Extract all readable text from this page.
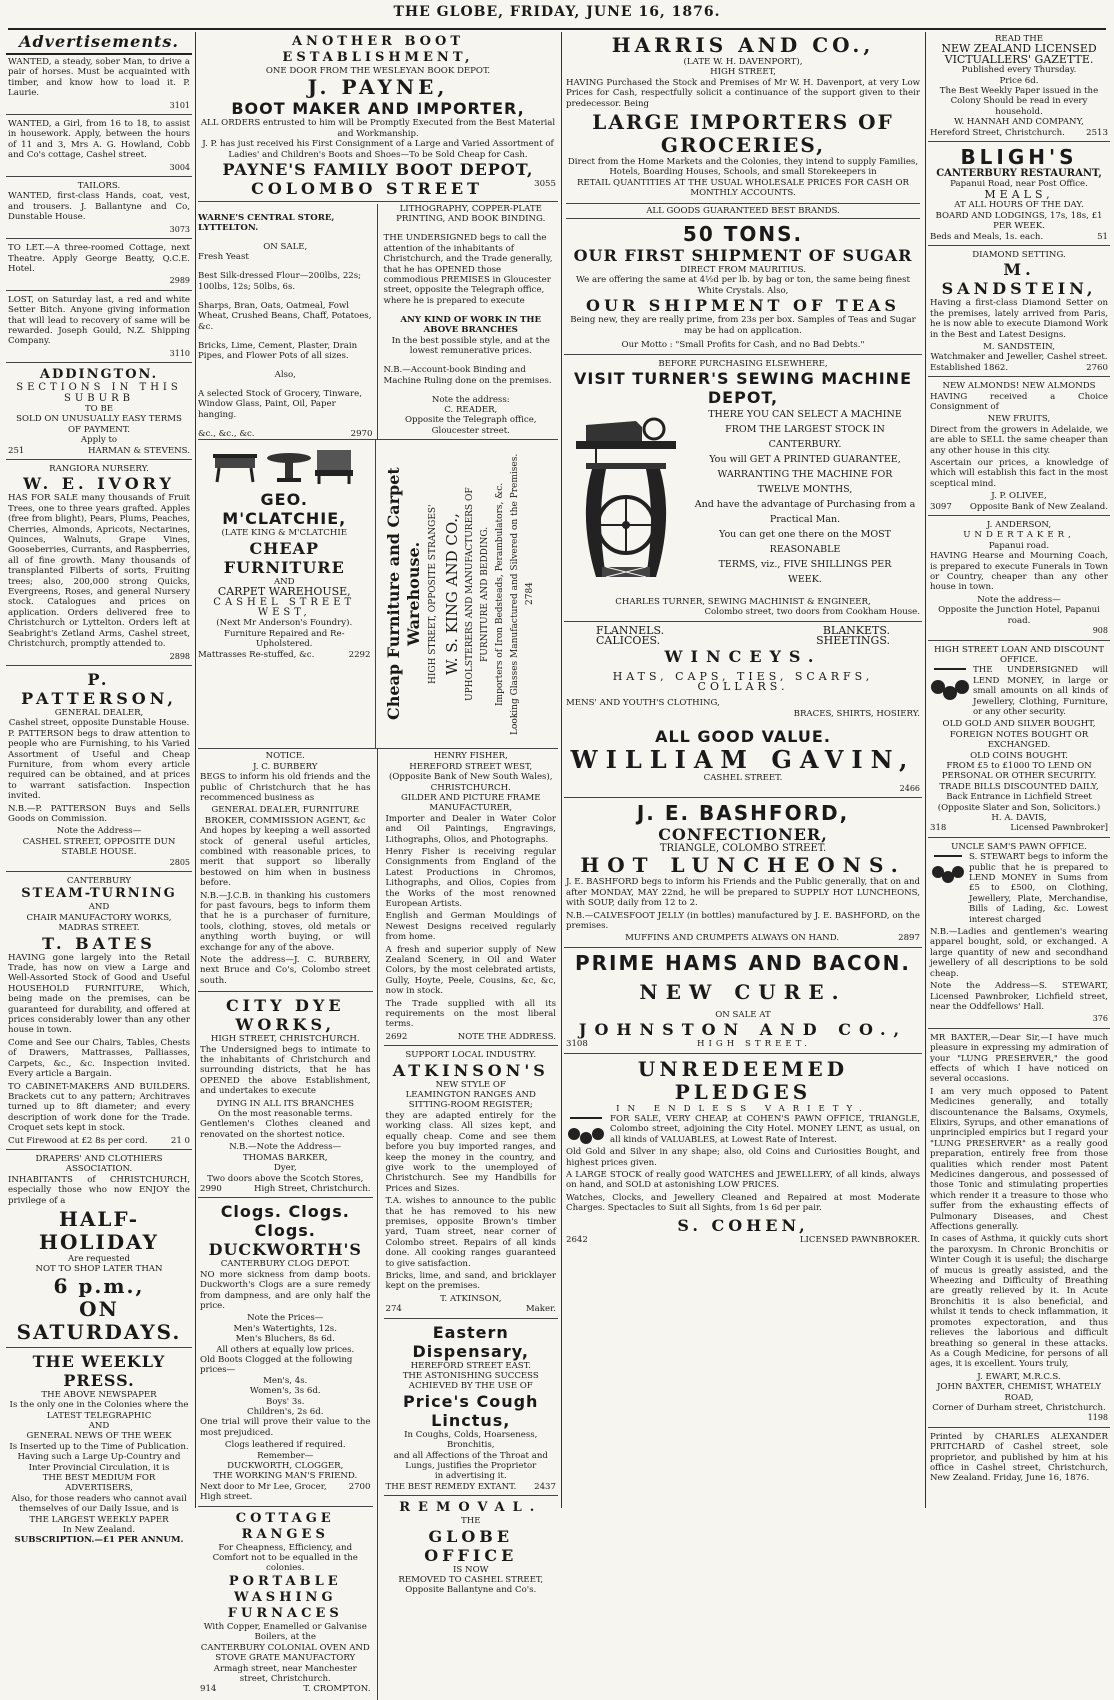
THE GLOBE, FRIDAY, JUNE 16, 1876.
Advertisements.

WANTED, a steady, sober Man, to drive a pair of horses. Must be acquainted with timber, and know how to load it. P. Laurie.

3101

WANTED, a Girl, from 16 to 18, to assist in housework. Apply, between the hours of 11 and 3, Mrs A. G. Howland, Cobb and Co's cottage, Cashel street.

3004
TAILORS.

WANTED, first-class Hands, coat, vest, and trousers. J. Ballantyne and Co, Dunstable House.

3073

TO LET.—A three-roomed Cottage, next Theatre. Apply George Beatty, Q.C.E. Hotel.

2989

LOST, on Saturday last, a red and white Setter Bitch. Anyone giving information that will lead to recovery of same will be rewarded. Joseph Gould, N.Z. Shipping Company.

3110
ADDINGTON.
SECTIONS IN THIS SUBURB
TO BE
SOLD ON UNUSUALLY EASY TERMS
OF PAYMENT.
Apply to
251	HARMAN & STEVENS.
RANGIORA NURSERY.
W. E. IVORY

HAS FOR SALE many thousands of Fruit Trees, one to three years grafted. Apples (free from blight), Pears, Plums, Peaches, Cherries, Almonds, Apricots, Nectarines, Quinces, Walnuts, Grape Vines, Gooseberries, Currants, and Raspberries, all of fine growth. Many thousands of transplanted Filberts of sorts, Fruiting trees; also, 200,000 strong Quicks, Evergreens, Roses, and general Nursery stock. Catalogues and prices on application. Orders delivered free to Christchurch or Lyttelton. Orders left at Seabright's Zetland Arms, Cashel street, Christchurch, promptly attended to.

2898
P. PATTERSON,
GENERAL DEALER,
Cashel street, opposite Dunstable House.

P. PATTERSON begs to draw attention to people who are Furnishing, to his Varied Assortment of Useful and Cheap Furniture, from whom every article required can be obtained, and at prices to warrant satisfaction. Inspection invited.

N.B.—P. PATTERSON Buys and Sells Goods on Commission.

Note the Address—
CASHEL STREET, OPPOSITE DUN STABLE HOUSE.
2805
CANTERBURY
STEAM-TURNING
AND
CHAIR MANUFACTORY WORKS,
MADRAS STREET.
T. BATES

HAVING gone largely into the Retail Trade, has now on view a Large and Well-Assorted Stock of Good and Useful HOUSEHOLD FURNITURE, Which, being made on the premises, can be guaranteed for durability, and offered at prices considerably lower than any other house in town.

Come and See our Chairs, Tables, Chests of Drawers, Mattrasses, Palliasses, Carpets, &c., &c. Inspection invited. Every article a Bargain.

TO CABINET-MAKERS AND BUILDERS. Brackets cut to any pattern; Architraves turned up to 8ft diameter; and every description of work done for the Trade. Croquet sets kept in stock.

Cut Firewood at £2 8s per cord.	21 0
DRAPERS' AND CLOTHIERS ASSOCIATION.

INHABITANTS of CHRISTCHURCH, especially those who now ENJOY the privilege of a

HALF-HOLIDAY
Are requested
NOT TO SHOP LATER THAN
6 p.m.,
ON SATURDAYS.
THE WEEKLY PRESS.
THE ABOVE NEWSPAPER
Is the only one in the Colonies where the
LATEST TELEGRAPHIC
AND
GENERAL NEWS OF THE WEEK
Is Inserted up to the Time of Publication.
Having such a Large Up-Country and Inter Provincial Circulation, it is
THE BEST MEDIUM FOR ADVERTISERS,
Also, for those readers who cannot avail themselves of our Daily Issue, and is
THE LARGEST WEEKLY PAPER
In New Zealand.
SUBSCRIPTION.—£1 PER ANNUM.
ANOTHER BOOT ESTABLISHMENT,
ONE DOOR FROM THE WESLEYAN BOOK DEPOT.
J. PAYNE,
BOOT MAKER AND IMPORTER,
ALL ORDERS entrusted to him will be Promptly Executed from the Best Material and Workmanship.
J. P. has just received his First Consignment of a Large and Varied Assortment of Ladies' and Children's Boots and Shoes—To be Sold Cheap for Cash.
PAYNE'S FAMILY BOOT DEPOT,
COLOMBO STREET	3055

WARNE'S CENTRAL STORE, LYTTELTON.

ON SALE,
Fresh Yeast

Best Silk-dressed Flour—200lbs, 22s; 100lbs, 12s; 50lbs, 6s.

Sharps, Bran, Oats, Oatmeal, Fowl Wheat, Crushed Beans, Chaff, Potatoes, &c.

Bricks, Lime, Cement, Plaster, Drain Pipes, and Flower Pots of all sizes.

Also,

A selected Stock of Grocery, Tinware, Window Glass, Paint, Oil, Paper hanging.

&c., &c., &c.	2970
LITHOGRAPHY, COPPER-PLATE PRINTING, AND BOOK BINDING.

THE UNDERSIGNED begs to call the attention of the inhabitants of Christchurch, and the Trade generally, that he has OPENED those commodious PREMISES in Gloucester street, opposite the Telegraph office, where he is prepared to execute

ANY KIND OF WORK IN THE ABOVE BRANCHES
In the best possible style, and at the lowest remunerative prices.

N.B.—Account-book Binding and Machine Ruling done on the premises.

Note the address:
C. READER,
Opposite the Telegraph office, Gloucester street.
GEO. M'CLATCHIE,
(LATE KING & M'CLATCHIE
CHEAP FURNITURE
AND
CARPET WAREHOUSE,
CASHEL STREET WEST,
(Next Mr Anderson's Foundry).
Furniture Repaired and Re-Upholstered.
Mattrasses Re-stuffed, &c.	2292 Cheap Furniture and Carpet Warehouse. HIGH STREET, OPPOSITE STRANGES' W. S. KING AND CO., UPHOLSTERERS AND MANUFACTURERS OF FURNITURE AND BEDDING. Importers of Iron Bedsteads, Perambulators, &c. Looking Glasses Manufactured and Silvered on the Premises. 2784
NOTICE.
J. C. BURBERY

BEGS to inform his old friends and the public of Christchurch that he has recommenced business as

GENERAL DEALER, FURNITURE BROKER, COMMISSION AGENT, &c

And hopes by keeping a well assorted stock of general useful articles, combined with reasonable prices, to merit that support so liberally bestowed on him when in business before.

N.B.—J.C.B. in thanking his customers for past favours, begs to inform them that he is a purchaser of furniture, tools, clothing, stoves, old metals or anything worth buying, or will exchange for any of the above.

Note the address—J. C. BURBERY, next Bruce and Co's, Colombo street south.

CITY DYE WORKS,
HIGH STREET, CHRISTCHURCH.

The Undersigned begs to intimate to the inhabitants of Christchurch and surrounding districts, that he has OPENED the above Establishment, and undertakes to execute

DYING IN ALL ITS BRANCHES
On the most reasonable terms.

Gentlemen's Clothes cleaned and renovated on the shortest notice.

N.B.—Note the Address—
THOMAS BARKER,
Dyer,
Two doors above the Scotch Stores,
2990	High Street, Christchurch.
Clogs. Clogs. Clogs.
DUCKWORTH'S
CANTERBURY CLOG DEPOT.

NO more sickness from damp boots. Duckworth's Clogs are a sure remedy from dampness, and are only half the price.

Note the Prices—
Men's Watertights, 12s.
Men's Bluchers, 8s 6d.
All others at equally low prices.
Old Boots Clogged at the following prices—
Men's, 4s.
Women's, 3s 6d.
Boys' 3s.
Children's, 2s 6d.

One trial will prove their value to the most prejudiced.

Clogs leathered if required.
Remember—
DUCKWORTH, CLOGGER,
THE WORKING MAN'S FRIEND.
Next door to Mr Lee, Grocer, High street.
2700
COTTAGE RANGES
For Cheapness, Efficiency, and Comfort not to be equalled in the colonies.
PORTABLE WASHING FURNACES
With Copper, Enamelled or Galvanise Boilers, at the
CANTERBURY COLONIAL OVEN AND STOVE GRATE MANUFACTORY
Armagh street, near Manchester street, Christchurch.
914	T. CROMPTON.
HENRY FISHER,
HEREFORD STREET WEST,
(Opposite Bank of New South Wales),
CHRISTCHURCH.
GILDER AND PICTURE FRAME MANUFACTURER,

Importer and Dealer in Water Color and Oil Paintings, Engravings, Lithographs, Olios, and Photographs.

Henry Fisher is receiving regular Consignments from England of the Latest Productions in Chromos, Lithographs, and Olios, Copies from the Works of the most renowned European Artists.

English and German Mouldings of Newest Designs received regularly from home.

A fresh and superior supply of New Zealand Scenery, in Oil and Water Colors, by the most celebrated artists, Gully, Hoyte, Peele, Cousins, &c, &c, now in stock.

The Trade supplied with all its requirements on the most liberal terms.

2692	NOTE THE ADDRESS.
SUPPORT LOCAL INDUSTRY.
ATKINSON'S
NEW STYLE OF
LEAMINGTON RANGES AND SITTING-ROOM REGISTER;

they are adapted entirely for the working class. All sizes kept, and equally cheap. Come and see them before you buy imported ranges, and keep the money in the country, and give work to the unemployed of Christchurch. See my Handbills for Prices and Sizes.

T.A. wishes to announce to the public that he has removed to his new premises, opposite Brown's timber yard, Tuam street, near corner of Colombo street. Repairs of all kinds done. All cooking ranges guaranteed to give satisfaction.

Bricks, lime, and sand, and bricklayer kept on the premises.

T. ATKINSON,
274	Maker.
Eastern Dispensary,
HEREFORD STREET EAST.
THE ASTONISHING SUCCESS ACHIEVED BY THE USE OF
Price's Cough Linctus,
In Coughs, Colds, Hoarseness, Bronchitis,
and all Affections of the Throat and
Lungs, justifies the Proprietor
in advertising it.
THE BEST REMEDY EXTANT. 2437
REMOVAL.
THE
GLOBE OFFICE
IS NOW
REMOVED TO CASHEL STREET,
Opposite Ballantyne and Co's.
HARRIS AND CO.,
(LATE W. H. DAVENPORT),
HIGH STREET,

HAVING Purchased the Stock and Premises of Mr W. H. Davenport, at very Low Prices for Cash, respectfully solicit a continuance of the support given to their predecessor. Being

LARGE IMPORTERS OF GROCERIES,
Direct from the Home Markets and the Colonies, they intend to supply Families, Hotels, Boarding Houses, Schools, and small Storekeepers in
RETAIL QUANTITIES AT THE USUAL WHOLESALE PRICES FOR CASH OR MONTHLY ACCOUNTS.
ALL GOODS GUARANTEED BEST BRANDS.
50 TONS.
OUR FIRST SHIPMENT OF SUGAR
DIRECT FROM MAURITIUS.
We are offering the same at 4½d per lb. by bag or ton, the same being finest White Crystals. Also,
OUR SHIPMENT OF TEAS
Being new, they are really prime, from 23s per box. Samples of Teas and Sugar may be had on application.
Our Motto : "Small Profits for Cash, and no Bad Debts."
BEFORE PURCHASING ELSEWHERE,
VISIT TURNER'S SEWING MACHINE DEPOT,
THERE YOU CAN SELECT A MACHINE
FROM THE LARGEST STOCK IN
CANTERBURY.
You will GET A PRINTED GUARANTEE,
WARRANTING THE MACHINE FOR
TWELVE MONTHS,
And have the advantage of Purchasing from a
Practical Man.
You can get one there on the MOST REASONABLE
TERMS, viz., FIVE SHILLINGS PER
WEEK.
CHARLES TURNER, SEWING MACHINIST & ENGINEER,
Colombo street, two doors from Cookham House.
FLANNELS.	BLANKETS.
CALICOES.	SHEETINGS.
WINCEYS.
HATS, CAPS, TIES, SCARFS, COLLARS.
MENS' AND YOUTH'S CLOTHING,
BRACES, SHIRTS, HOSIERY.
ALL GOOD VALUE.
WILLIAM GAVIN,
CASHEL STREET.
2466
J. E. BASHFORD,
CONFECTIONER,
TRIANGLE, COLOMBO STREET.
HOT LUNCHEONS.

J. E. BASHFORD begs to inform his Friends and the Public generally, that on and after MONDAY, MAY 22nd, he will be prepared to SUPPLY HOT LUNCHEONS, with SOUP, daily from 12 to 2.

N.B.—CALVESFOOT JELLY (in bottles) manufactured by J. E. BASHFORD, on the premises.

MUFFINS AND CRUMPETS ALWAYS ON HAND.	2897
PRIME HAMS AND BACON.
NEW CURE.
ON SALE AT
JOHNSTON AND CO.,
3108	HIGH STREET.
UNREDEEMED PLEDGES
IN ENDLESS VARIETY.

FOR SALE, VERY CHEAP, at COHEN'S PAWN OFFICE, TRIANGLE, Colombo street, adjoining the City Hotel. MONEY LENT, as usual, on all kinds of VALUABLES, at Lowest Rate of Interest.

Old Gold and Silver in any shape; also, old Coins and Curiosities Bought, and highest prices given.

A LARGE STOCK of really good WATCHES and JEWELLERY, of all kinds, always on hand, and SOLD at astonishing LOW PRICES.

Watches, Clocks, and Jewellery Cleaned and Repaired at most Moderate Charges. Spectacles to Suit all Sights, from 1s 6d per pair.

S. COHEN,
2642	LICENSED PAWNBROKER.
READ THE
NEW ZEALAND LICENSED
VICTUALLERS' GAZETTE.
Published every Thursday.
Price 6d.
The Best Weekly Paper issued in the Colony Should be read in every household.
W. HANNAH AND COMPANY,
Hereford Street, Christchurch. 2513
BLIGH'S
CANTERBURY RESTAURANT,
Papanui Road, near Post Office.
MEALS,
AT ALL HOURS OF THE DAY.
BOARD AND LODGINGS, 17s, 18s, £1 PER WEEK.
Beds and Meals, 1s. each.	51
DIAMOND SETTING.
M. SANDSTEIN,

Having a first-class Diamond Setter on the premises, lately arrived from Paris, he is now able to execute Diamond Work in the Best and Latest Designs.

M. SANDSTEIN,
Watchmaker and Jeweller, Cashel street.
Established 1862.	2760
NEW ALMONDS! NEW ALMONDS

HAVING received a Choice Consignment of

NEW FRUITS,

Direct from the growers in Adelaide, we are able to SELL the same cheaper than any other house in this city.

Ascertain our prices, a knowledge of which will establish this fact in the most sceptical mind.

J. P. OLIVEE,
3097 Opposite Bank of New Zealand.
J. ANDERSON,
UNDERTAKER,
Papanui road.

HAVING Hearse and Mourning Coach, is prepared to execute Funerals in Town or Country, cheaper than any other house in town.

Note the address—
Opposite the Junction Hotel, Papanui road.
908
HIGH STREET LOAN AND DISCOUNT OFFICE.

THE UNDERSIGNED will LEND MONEY, in large or small amounts on all kinds of Jewellery, Clothing, Furniture, or any other security.

OLD GOLD AND SILVER BOUGHT, FOREIGN NOTES BOUGHT OR EXCHANGED.
OLD COINS BOUGHT.
FROM £5 to £1000 TO LEND ON PERSONAL OR OTHER SECURITY.
TRADE BILLS DISCOUNTED DAILY,
Back Entrance in Lichfield Street
(Opposite Slater and Son, Solicitors.)
H. A. DAVIS,
318	Licensed Pawnbroker]
UNCLE SAM'S PAWN OFFICE.

S. STEWART begs to inform the public that he is prepared to LEND MONEY in Sums from £5 to £500, on Clothing, Jewellery, Plate, Merchandise, Bills of Lading, &c. Lowest interest charged

N.B.—Ladies and gentlemen's wearing apparel bought, sold, or exchanged. A large quantity of new and secondhand jewellery of all descriptions to be sold cheap.

Note the Address—S. STEWART, Licensed Pawnbroker, Lichfield street, near the Oddfellows' Hall.

376

MR BAXTER,—Dear Sir,—I have much pleasure in expressing my admiration of your "LUNG PRESERVER," the good effects of which I have noticed on several occasions.

I am very much opposed to Patent Medicines generally, and totally discountenance the Balsams, Oxymels, Elixirs, Syrups, and other emanations of unprincipled empirics but I regard your "LUNG PRESERVER" as a really good preparation, entirely free from those qualities which render most Patent Medicines dangerous, and possessed of those Tonic and stimulating properties which render it a treasure to those who suffer from the exhausting effects of Pulmonary Diseases, and Chest Affections generally.

In cases of Asthma, it quickly cuts short the paroxysm. In Chronic Bronchitis or Winter Cough it is useful; the discharge of mucus is greatly assisted, and the Wheezing and Difficulty of Breathing are greatly relieved by it. In Acute Bronchitis it is also beneficial, and whilst it tends to check inflammation, it promotes expectoration, and thus relieves the laborious and difficult breathing so general in these attacks. As a Cough Medicine, for persons of all ages, it is excellent. Yours truly,

J. EWART, M.R.C.S.
JOHN BAXTER, CHEMIST, WHATELY ROAD,
Corner of Durham street, Christchurch.
1198

Printed by CHARLES ALEXANDER PRITCHARD of Cashel street, sole proprietor, and published by him at his office in Cashel street, Christchurch, New Zealand. Friday, June 16, 1876.
